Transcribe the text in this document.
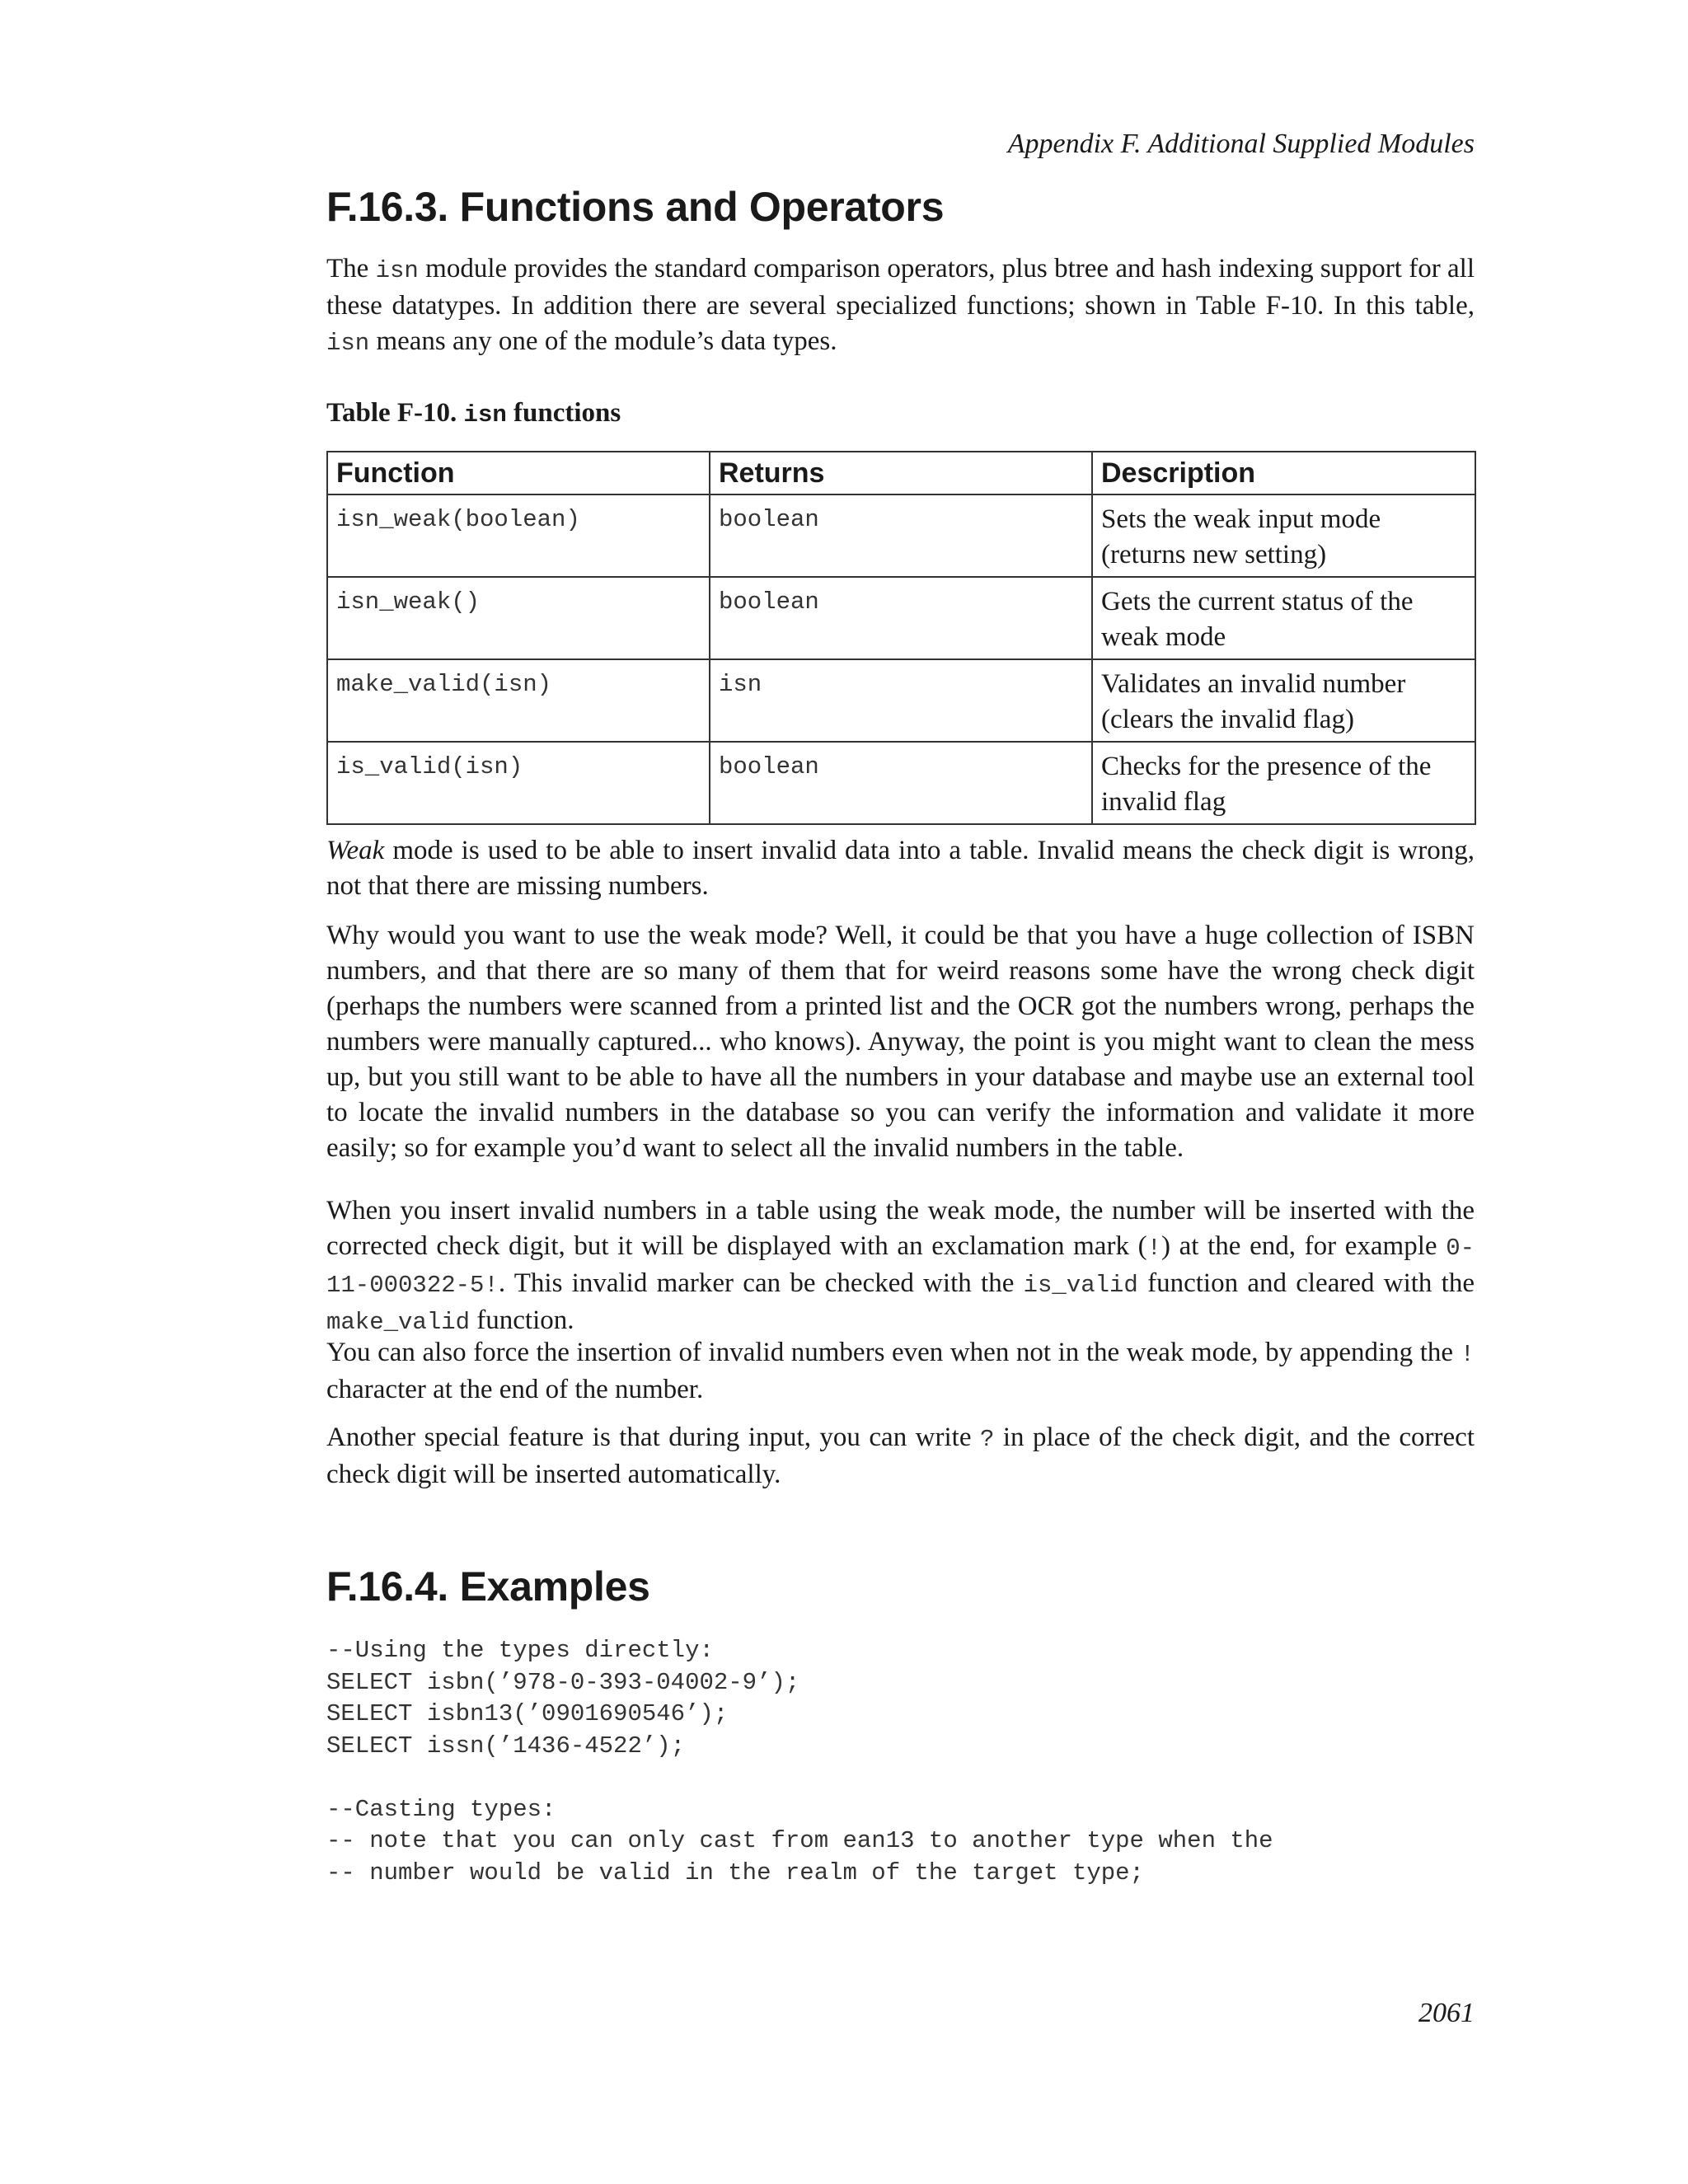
Appendix F. Additional Supplied Modules
F.16.3. Functions and Operators

The isn module provides the standard comparison operators, plus btree and hash indexing support for all these datatypes. In addition there are several specialized functions; shown in Table F-10. In this table, isn means any one of the module’s data types.

Table F-10. isn functions
Function	Returns	Description
isn_weak(boolean)	boolean	Sets the weak input mode (returns new setting)
isn_weak()	boolean	Gets the current status of the weak mode
make_valid(isn)	isn	Validates an invalid number (clears the invalid flag)
is_valid(isn)	boolean	Checks for the presence of the invalid flag

Weak mode is used to be able to insert invalid data into a table. Invalid means the check digit is wrong, not that there are missing numbers.

Why would you want to use the weak mode? Well, it could be that you have a huge collection of ISBN numbers, and that there are so many of them that for weird reasons some have the wrong check digit (perhaps the numbers were scanned from a printed list and the OCR got the numbers wrong, perhaps the numbers were manually captured... who knows). Anyway, the point is you might want to clean the mess up, but you still want to be able to have all the numbers in your database and maybe use an external tool to locate the invalid numbers in the database so you can verify the information and validate it more easily; so for example you’d want to select all the invalid numbers in the table.

When you insert invalid numbers in a table using the weak mode, the number will be inserted with the corrected check digit, but it will be displayed with an exclamation mark (!) at the end, for example 0-11-000322-5!. This invalid marker can be checked with the is_valid function and cleared with the make_valid function.

You can also force the insertion of invalid numbers even when not in the weak mode, by appending the ! character at the end of the number.

Another special feature is that during input, you can write ? in place of the check digit, and the correct check digit will be inserted automatically.

F.16.4. Examples
--Using the types directly:
SELECT isbn(’978-0-393-04002-9’);
SELECT isbn13(’0901690546’);
SELECT issn(’1436-4522’);

--Casting types:
-- note that you can only cast from ean13 to another type when the
-- number would be valid in the realm of the target type;
2061
